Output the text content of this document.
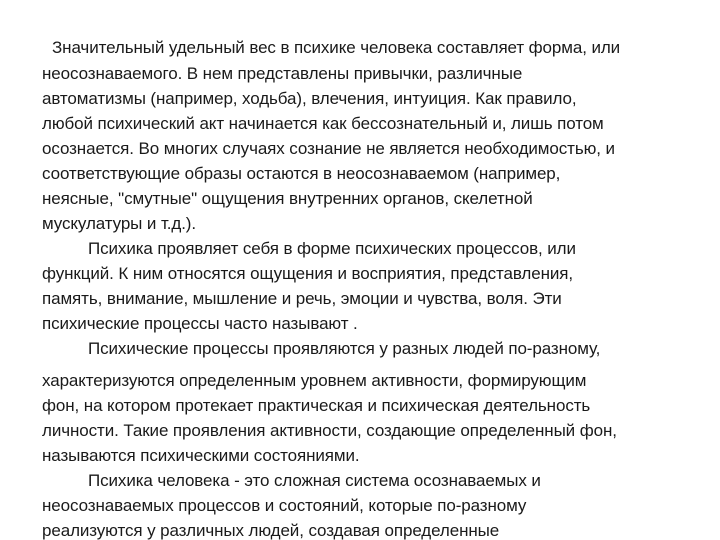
Значительный удельный вес в психике человека составляет форма, или
неосознаваемого. В нем представлены привычки, различные
автоматизмы (например, ходьба), влечения, интуиция. Как правило,
любой психический акт начинается как бессознательный и, лишь потом
осознается. Во многих случаях сознание не является необходимостью, и
соответствующие образы остаются в неосознаваемом (например,
неясные, "смутные" ощущения внутренних органов, скелетной
мускулатуры и т.д.).
Психика проявляет себя в форме психических процессов, или
функций. К ним относятся ощущения и восприятия, представления,
память, внимание, мышление и речь, эмоции и чувства, воля. Эти
психические процессы часто называют .
Психические процессы проявляются у разных людей по-разному,
характеризуются определенным уровнем активности, формирующим
фон, на котором протекает практическая и психическая деятельность
личности. Такие проявления активности, создающие определенный фон,
называются психическими состояниями.
Психика человека - это сложная система осознаваемых и
неосознаваемых процессов и состояний, которые по-разному
реализуются у различных людей, создавая определенные
